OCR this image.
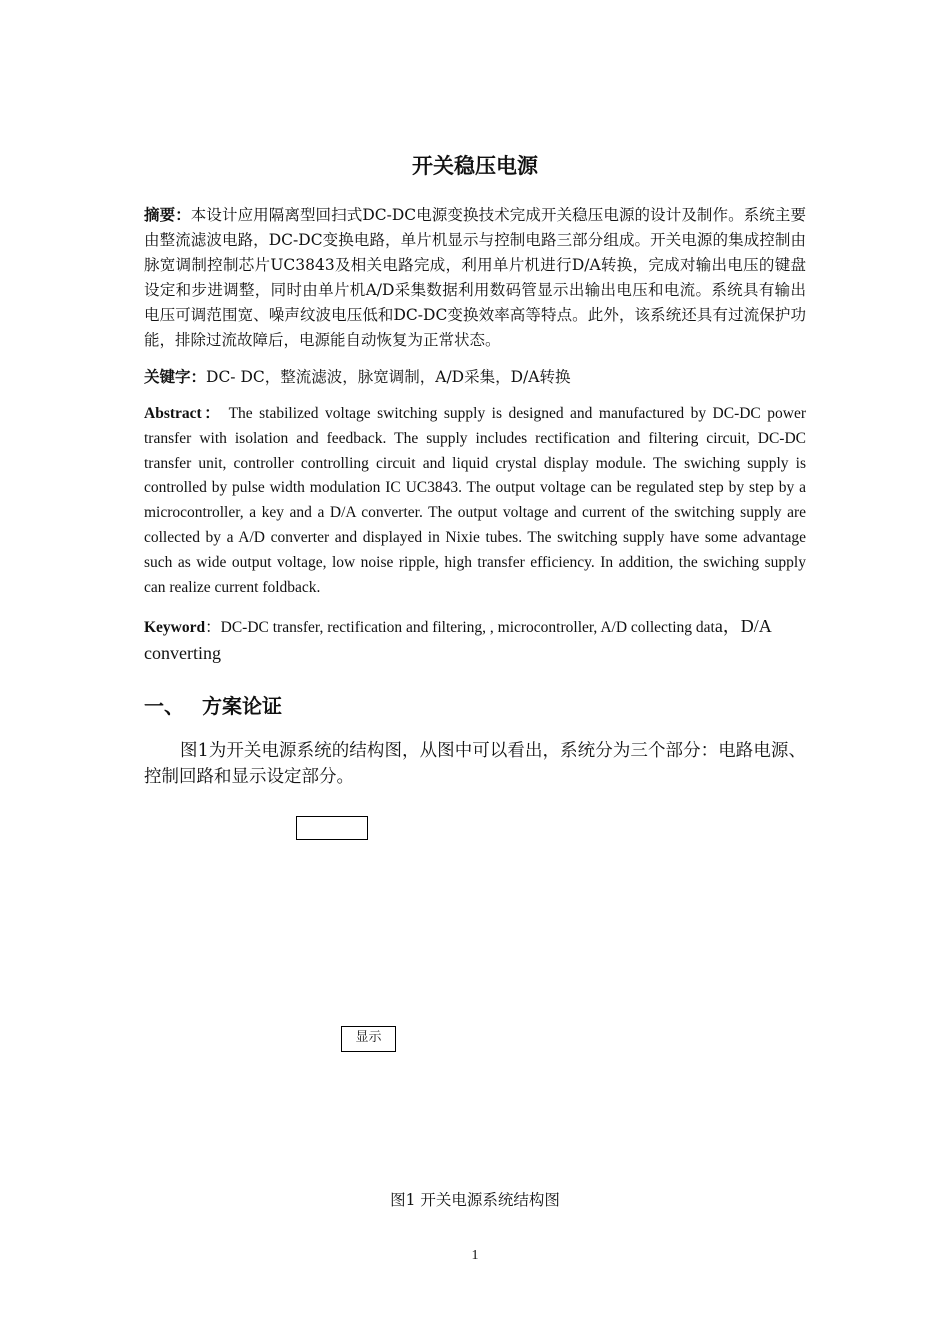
开关稳压电源

摘要：本设计应用隔离型回扫式DC-DC电源变换技术完成开关稳压电源的设计及制作。系统主要由整流滤波电路，DC-DC变换电路，单片机显示与控制电路三部分组成。开关电源的集成控制由脉宽调制控制芯片UC3843及相关电路完成，利用单片机进行D/A转换，完成对输出电压的键盘设定和步进调整，同时由单片机A/D采集数据利用数码管显示出输出电压和电流。系统具有输出电压可调范围宽、噪声纹波电压低和DC-DC变换效率高等特点。此外，该系统还具有过流保护功能，排除过流故障后，电源能自动恢复为正常状态。

关键字：DC- DC，整流滤波，脉宽调制，A/D采集，D/A转换

Abstract： The stabilized voltage switching supply is designed and manufactured by DC-DC power transfer with isolation and feedback. The supply includes rectification and filtering circuit, DC-DC transfer unit, controller controlling circuit and liquid crystal display module. The swiching supply is controlled by pulse width modulation IC UC3843. The output voltage can be regulated step by step by a microcontroller, a key and a D/A converter. The output voltage and current of the switching supply are collected by a A/D converter and displayed in Nixie tubes. The switching supply have some advantage such as wide output voltage, low noise ripple, high transfer efficiency. In addition, the swiching supply can realize current foldback.

Keyword：DC-DC transfer, rectification and filtering, , microcontroller, A/D collecting data，D/A converting

一、 方案论证

图1为开关电源系统的结构图，从图中可以看出，系统分为三个部分：电路电源、控制回路和显示设定部分。

显示
图1 开关电源系统结构图
1
